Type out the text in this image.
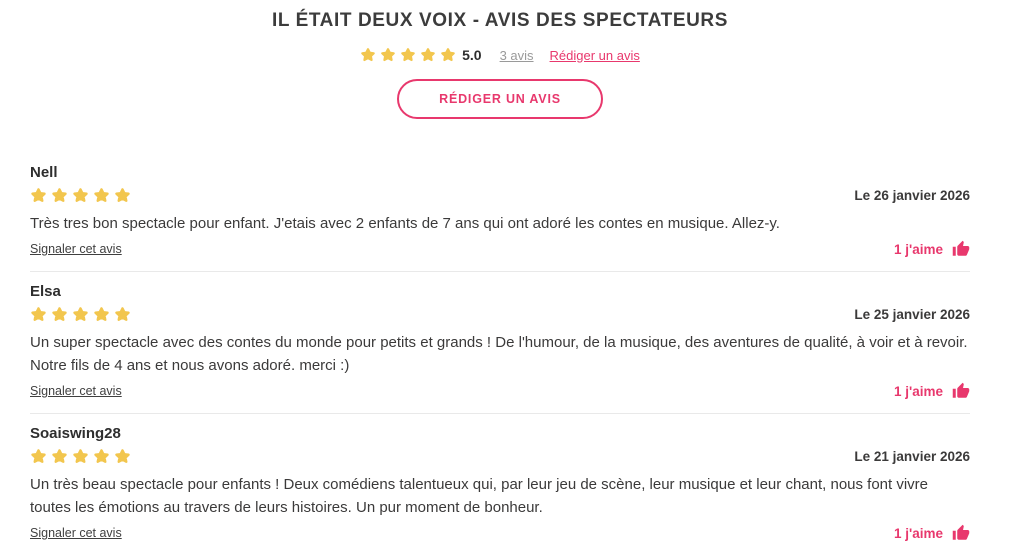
IL ÉTAIT DEUX VOIX - AVIS DES SPECTATEURS
5.0 3 avis Rédiger un avis
RÉDIGER UN AVIS
Nell
Le 26 janvier 2026
Très tres bon spectacle pour enfant. J'etais avec 2 enfants de 7 ans qui ont adoré les contes en musique. Allez-y.
Signaler cet avis	1 j'aime
Elsa
Le 25 janvier 2026
Un super spectacle avec des contes du monde pour petits et grands ! De l'humour, de la musique, des aventures de qualité, à voir et à revoir. Notre fils de 4 ans et nous avons adoré. merci :)
Signaler cet avis	1 j'aime
Soaiswing28
Le 21 janvier 2026
Un très beau spectacle pour enfants ! Deux comédiens talentueux qui, par leur jeu de scène, leur musique et leur chant, nous font vivre toutes les émotions au travers de leurs histoires. Un pur moment de bonheur.
Signaler cet avis	1 j'aime
